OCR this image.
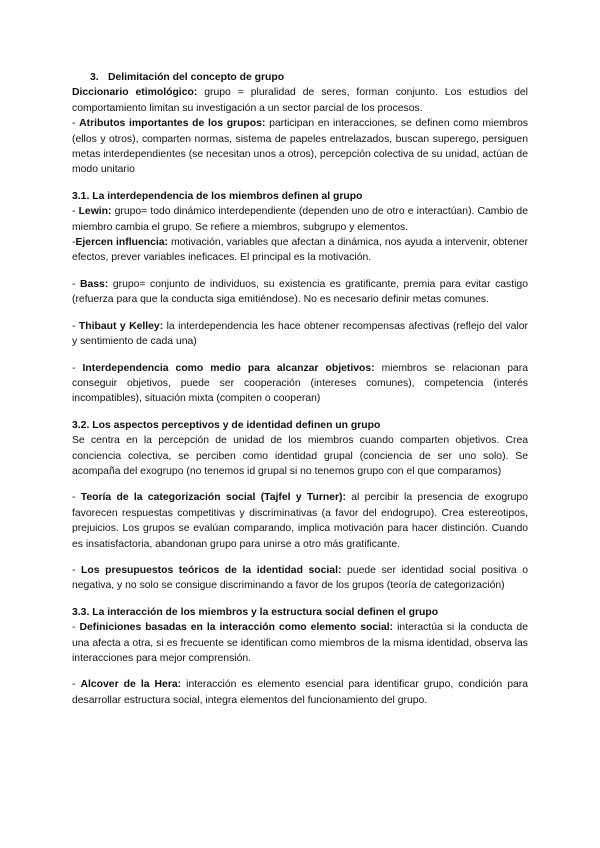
3. Delimitación del concepto de grupo

Diccionario etimológico: grupo = pluralidad de seres, forman conjunto. Los estudios del comportamiento limitan su investigación a un sector parcial de los procesos.

- Atributos importantes de los grupos: participan en interacciones, se definen como miembros (ellos y otros), comparten normas, sistema de papeles entrelazados, buscan superego, persiguen metas interdependientes (se necesitan unos a otros), percepción colectiva de su unidad, actúan de modo unitario

3.1. La interdependencia de los miembros definen al grupo

- Lewin: grupo= todo dinámico interdependiente (dependen uno de otro e interactúan). Cambio de miembro cambia el grupo. Se refiere a miembros, subgrupo y elementos.

-Ejercen influencia: motivación, variables que afectan a dinámica, nos ayuda a intervenir, obtener efectos, prever variables ineficaces. El principal es la motivación.

- Bass: grupo= conjunto de individuos, su existencia es gratificante, premia para evitar castigo (refuerza para que la conducta siga emitiéndose). No es necesario definir metas comunes.

- Thibaut y Kelley: la interdependencia les hace obtener recompensas afectivas (reflejo del valor y sentimiento de cada una)

- Interdependencia como medio para alcanzar objetivos: miembros se relacionan para conseguir objetivos, puede ser cooperación (intereses comunes), competencia (interés incompatibles), situación mixta (compiten o cooperan)

3.2. Los aspectos perceptivos y de identidad definen un grupo

Se centra en la percepción de unidad de los miembros cuando comparten objetivos. Crea conciencia colectiva, se perciben como identidad grupal (conciencia de ser uno solo). Se acompaña del exogrupo (no tenemos id grupal si no tenemos grupo con el que comparamos)

- Teoría de la categorización social (Tajfel y Turner): al percibir la presencia de exogrupo favorecen respuestas competitivas y discriminativas (a favor del endogrupo). Crea estereotipos, prejuicios. Los grupos se evalúan comparando, implica motivación para hacer distinción. Cuando es insatisfactoria, abandonan grupo para unirse a otro más gratificante.

- Los presupuestos teóricos de la identidad social: puede ser identidad social positiva o negativa, y no solo se consigue discriminando a favor de los grupos (teoría de categorización)

3.3. La interacción de los miembros y la estructura social definen el grupo

- Definiciones basadas en la interacción como elemento social: interactúa si la conducta de una afecta a otra, si es frecuente se identifican como miembros de la misma identidad, observa las interacciones para mejor comprensión.

- Alcover de la Hera: interacción es elemento esencial para identificar grupo, condición para desarrollar estructura social, integra elementos del funcionamiento del grupo.
